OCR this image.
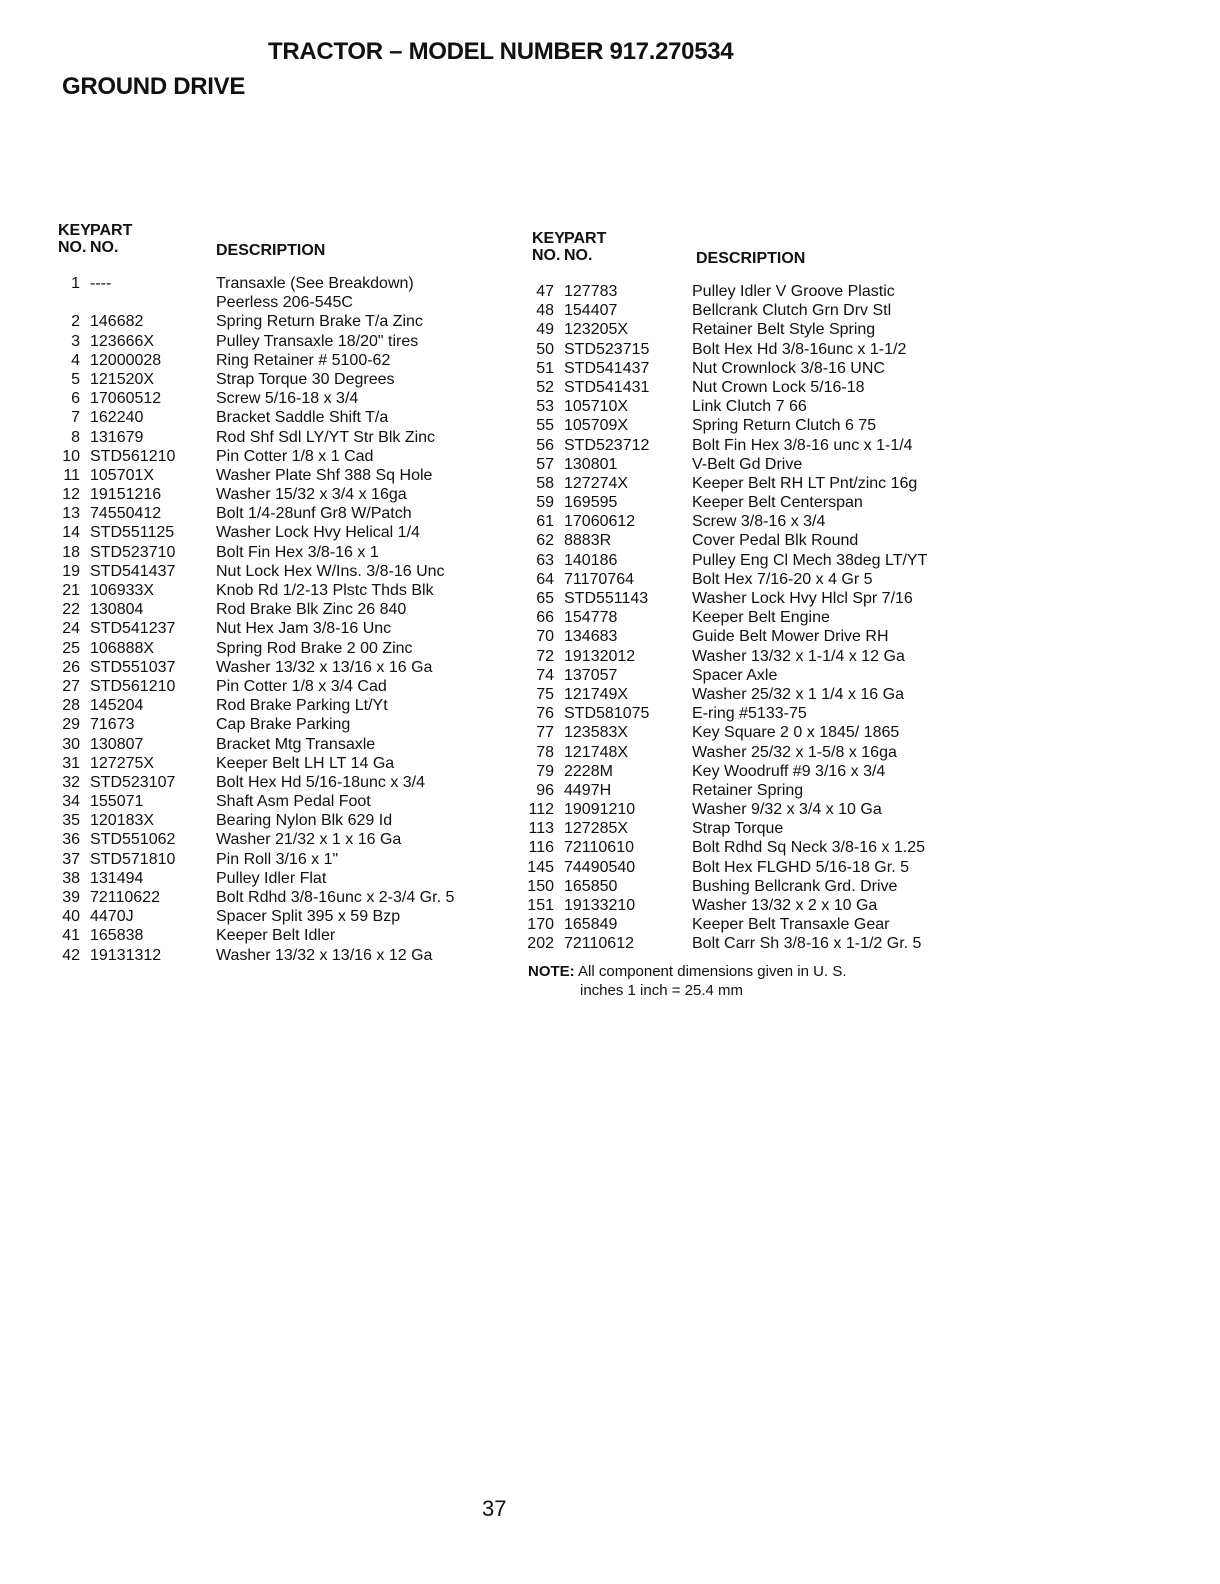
TRACTOR – MODEL NUMBER 917.270534
GROUND DRIVE
KEY
NO.
PART
NO.	DESCRIPTION
1 ----	Transaxle (See Breakdown)
Peerless 206-545C
2 146682	Spring Return Brake T/a Zinc
3 123666X	Pulley Transaxle 18/20" tires
4 12000028	Ring Retainer # 5100-62
5 121520X	Strap Torque 30 Degrees
6 17060512	Screw 5/16-18 x 3/4
7 162240	Bracket Saddle Shift T/a
8 131679	Rod Shf Sdl LY/YT Str Blk Zinc
10 STD561210	Pin Cotter 1/8 x 1 Cad
11 105701X	Washer Plate Shf 388 Sq Hole
12 19151216	Washer 15/32 x 3/4 x 16ga
13 74550412	Bolt 1/4-28unf Gr8 W/Patch
14 STD551125	Washer Lock Hvy Helical 1/4
18 STD523710	Bolt Fin Hex 3/8-16 x 1
19 STD541437	Nut Lock Hex W/Ins. 3/8-16 Unc
21 106933X	Knob Rd 1/2-13 Plstc Thds Blk
22 130804	Rod Brake Blk Zinc 26 840
24 STD541237	Nut Hex Jam 3/8-16 Unc
25 106888X	Spring Rod Brake 2 00 Zinc
26 STD551037	Washer 13/32 x 13/16 x 16 Ga
27 STD561210	Pin Cotter 1/8 x 3/4 Cad
28 145204	Rod Brake Parking Lt/Yt
29 71673	Cap Brake Parking
30 130807	Bracket Mtg Transaxle
31 127275X	Keeper Belt LH LT 14 Ga
32 STD523107	Bolt Hex Hd 5/16-18unc x 3/4
34 155071	Shaft Asm Pedal Foot
35 120183X	Bearing Nylon Blk 629 Id
36 STD551062	Washer 21/32 x 1 x 16 Ga
37 STD571810	Pin Roll 3/16 x 1"
38 131494	Pulley Idler Flat
39 72110622	Bolt Rdhd 3/8-16unc x 2-3/4 Gr. 5
40 4470J	Spacer Split 395 x 59 Bzp
41 165838	Keeper Belt Idler
42 19131312	Washer 13/32 x 13/16 x 12 Ga
KEY
NO.
PART
NO.	DESCRIPTION
47 127783	Pulley Idler V Groove Plastic
48 154407	Bellcrank Clutch Grn Drv Stl
49 123205X	Retainer Belt Style Spring
50 STD523715	Bolt Hex Hd 3/8-16unc x 1-1/2
51 STD541437	Nut Crownlock 3/8-16 UNC
52 STD541431	Nut Crown Lock 5/16-18
53 105710X	Link Clutch 7 66
55 105709X	Spring Return Clutch 6 75
56 STD523712	Bolt Fin Hex 3/8-16 unc x 1-1/4
57 130801	V-Belt Gd Drive
58 127274X	Keeper Belt RH LT Pnt/zinc 16g
59 169595	Keeper Belt Centerspan
61 17060612	Screw 3/8-16 x 3/4
62 8883R	Cover Pedal Blk Round
63 140186	Pulley Eng Cl Mech 38deg LT/YT
64 71170764	Bolt Hex 7/16-20 x 4 Gr 5
65 STD551143	Washer Lock Hvy Hlcl Spr 7/16
66 154778	Keeper Belt Engine
70 134683	Guide Belt Mower Drive RH
72 19132012	Washer 13/32 x 1-1/4 x 12 Ga
74 137057	Spacer Axle
75 121749X	Washer 25/32 x 1 1/4 x 16 Ga
76 STD581075	E-ring #5133-75
77 123583X	Key Square 2 0 x 1845/ 1865
78 121748X	Washer 25/32 x 1-5/8 x 16ga
79 2228M	Key Woodruff #9 3/16 x 3/4
96 4497H	Retainer Spring
112 19091210	Washer 9/32 x 3/4 x 10 Ga
113 127285X	Strap Torque
116 72110610	Bolt Rdhd Sq Neck 3/8-16 x 1.25
145 74490540	Bolt Hex FLGHD 5/16-18 Gr. 5
150 165850	Bushing Bellcrank Grd. Drive
151 19133210	Washer 13/32 x 2 x 10 Ga
170 165849	Keeper Belt Transaxle Gear
202 72110612	Bolt Carr Sh 3/8-16 x 1-1/2 Gr. 5
NOTE: All component dimensions given in U. S.
inches 1 inch = 25.4 mm
37
